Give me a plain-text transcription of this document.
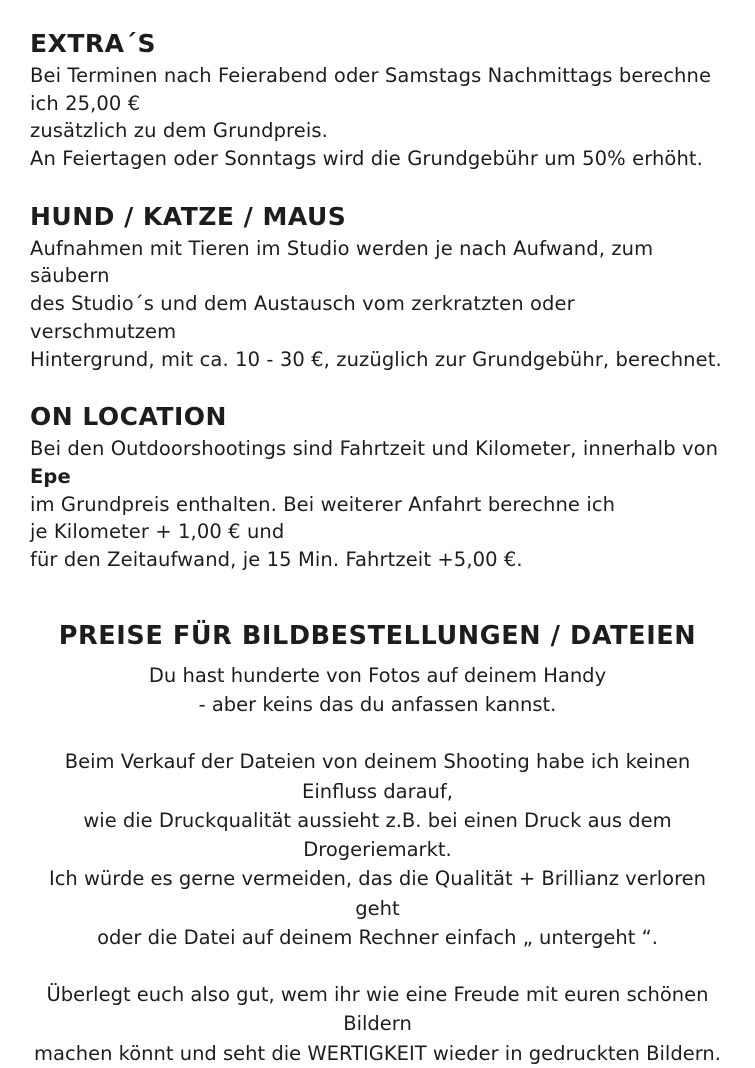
EXTRA´S

Bei Terminen nach Feierabend oder Samstags Nachmittags berechne ich 25,00 €

zusätzlich zu dem Grundpreis.

An Feiertagen oder Sonntags wird die Grundgebühr um 50% erhöht.

HUND / KATZE / MAUS

Aufnahmen mit Tieren im Studio werden je nach Aufwand, zum säubern

des Studio´s und dem Austausch vom zerkratzten oder verschmutzem

Hintergrund, mit ca. 10 - 30 €, zuzüglich zur Grundgebühr, berechnet.

ON LOCATION

Bei den Outdoorshootings sind Fahrtzeit und Kilometer, innerhalb von Epe

im Grundpreis enthalten. Bei weiterer Anfahrt berechne ich

je Kilometer + 1,00 € und

für den Zeitaufwand, je 15 Min. Fahrtzeit +5,00 €.

PREISE FÜR BILDBESTELLUNGEN / DATEIEN

Du hast hunderte von Fotos auf deinem Handy

- aber keins das du anfassen kannst.

Beim Verkauf der Dateien von deinem Shooting habe ich keinen Einfluss darauf,

wie die Druckqualität aussieht z.B. bei einen Druck aus dem Drogeriemarkt.

Ich würde es gerne vermeiden, das die Qualität + Brillianz verloren geht

oder die Datei auf deinem Rechner einfach „ untergeht “.

Überlegt euch also gut, wem ihr wie eine Freude mit euren schönen Bildern

machen könnt und seht die WERTIGKEIT wieder in gedruckten Bildern.
